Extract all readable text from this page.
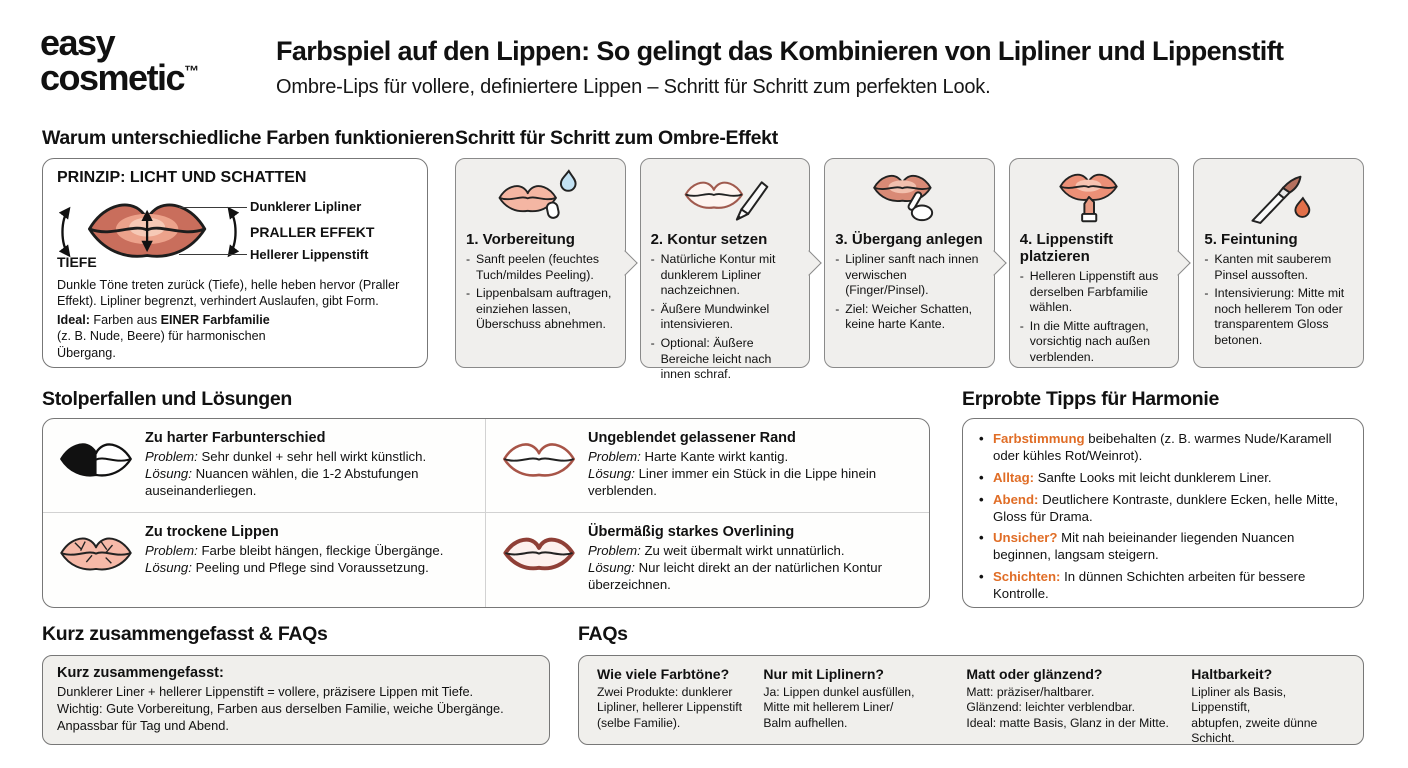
easy
cosmetic™
Farbspiel auf den Lippen: So gelingt das Kombinieren von Lipliner und Lippenstift
Ombre-Lips für vollere, definiertere Lippen – Schritt für Schritt zum perfekten Look.
Warum unterschiedliche Farben funktionieren Schritt für Schritt zum Ombre-Effekt
Stolperfallen und Lösungen	Erprobte Tipps für Harmonie
Kurz zusammengefasst & FAQs	FAQs
PRINZIP: LICHT UND SCHATTEN
Dunklerer Lipliner
PRALLER EFFEKT
Hellerer Lippenstift
TIEFE
Dunkle Töne treten zurück (Tiefe), helle heben hervor (Praller Effekt). Lipliner begrenzt, verhindert Auslaufen, gibt Form.
Ideal: Farben aus EINER Farbfamilie (z. B. Nude, Beere) für harmonischen Übergang.
1. Vorbereitung
- Sanft peelen (feuchtes Tuch/mildes Peeling).
- Lippenbalsam auftragen, einziehen lassen, Überschuss abnehmen.
2. Kontur setzen
- Natürliche Kontur mit dunklerem Lipliner nachzeichnen.
- Äußere Mundwinkel intensivieren.
- Optional: Äußere Bereiche leicht nach innen schraf.
3. Übergang anlegen
- Lipliner sanft nach innen verwischen (Finger/Pinsel).
- Ziel: Weicher Schatten, keine harte Kante.
4. Lippenstift platzieren
- Helleren Lippenstift aus derselben Farbfamilie wählen.
- In die Mitte auftragen, vorsichtig nach außen verblenden.
5. Feintuning
- Kanten mit sauberem Pinsel aussoften.
- Intensivierung: Mitte mit noch hellerem Ton oder transparentem Gloss betonen.
Zu harter Farbunterschied
Problem: Sehr dunkel + sehr hell wirkt künstlich.
Lösung: Nuancen wählen, die 1-2 Abstufungen auseinanderliegen.
Ungeblendet gelassener Rand
Problem: Harte Kante wirkt kantig.
Lösung: Liner immer ein Stück in die Lippe hinein verblenden.
Zu trockene Lippen
Problem: Farbe bleibt hängen, fleckige Übergänge.
Lösung: Peeling und Pflege sind Voraussetzung.
Übermäßig starkes Overlining
Problem: Zu weit übermalt wirkt unnatürlich.
Lösung: Nur leicht direkt an der natürlichen Kontur überzeichnen.
• Farbstimmung beibehalten (z. B. warmes Nude/Karamell oder kühles Rot/Weinrot).
• Alltag: Sanfte Looks mit leicht dunklerem Liner.
• Abend: Deutlichere Kontraste, dunklere Ecken, helle Mitte, Gloss für Drama.
• Unsicher? Mit nah beieinander liegenden Nuancen beginnen, langsam steigern.
• Schichten: In dünnen Schichten arbeiten für bessere Kontrolle.
Kurz zusammengefasst:
Dunklerer Liner + hellerer Lippenstift = vollere, präzisere Lippen mit Tiefe.
Wichtig: Gute Vorbereitung, Farben aus derselben Familie, weiche Übergänge.
Anpassbar für Tag und Abend.
Wie viele Farbtöne?
Zwei Produkte: dunklerer
Lipliner, hellerer Lippenstift
(selbe Familie).
Nur mit Liplinern?
Ja: Lippen dunkel ausfüllen,
Mitte mit hellerem Liner/
Balm aufhellen.
Matt oder glänzend?
Matt: präziser/haltbarer.
Glänzend: leichter verblendbar.
Ideal: matte Basis, Glanz in der Mitte.
Haltbarkeit?
Lipliner als Basis, Lippenstift,
abtupfen, zweite dünne
Schicht.
